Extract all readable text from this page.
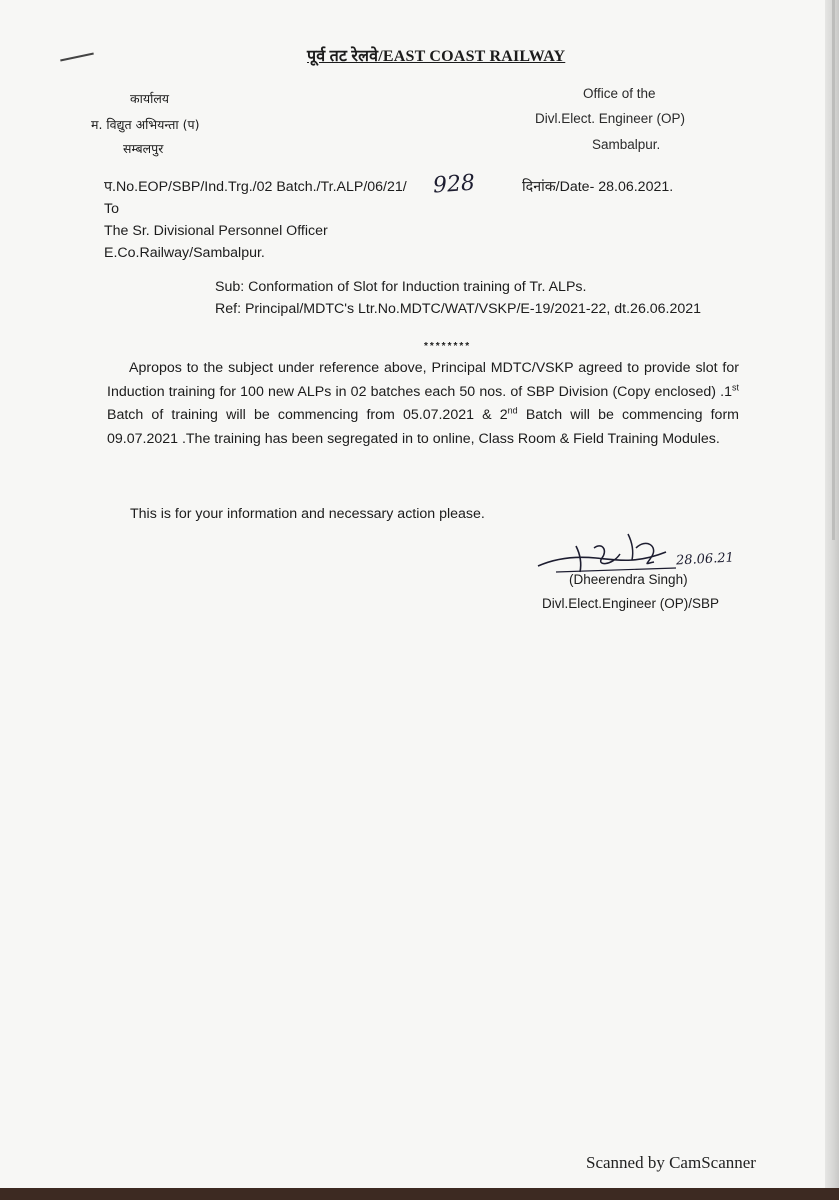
पूर्व तट रेलवे/EAST COAST RAILWAY
कार्यालय
म. विद्युत अभियन्ता (प)
सम्बलपुर
Office of the
Divl.Elect. Engineer (OP)
Sambalpur.
प.No.EOP/SBP/Ind.Trg./02 Batch./Tr.ALP/06/21/ 928	दिनांक/Date- 28.06.2021.
To
The Sr. Divisional Personnel Officer
E.Co.Railway/Sambalpur.
Sub: Conformation of Slot for Induction training of Tr. ALPs.
Ref: Principal/MDTC's Ltr.No.MDTC/WAT/VSKP/E-19/2021-22, dt.26.06.2021
********
Apropos to the subject under reference above, Principal MDTC/VSKP agreed to provide slot for Induction training for 100 new ALPs in 02 batches each 50 nos. of SBP Division (Copy enclosed) .1st Batch of training will be commencing from 05.07.2021 & 2nd Batch will be commencing form 09.07.2021 .The training has been segregated in to online, Class Room & Field Training Modules.
This is for your information and necessary action please.
28.06.21
(Dheerendra Singh)
Divl.Elect.Engineer (OP)/SBP
Scanned by CamScanner
